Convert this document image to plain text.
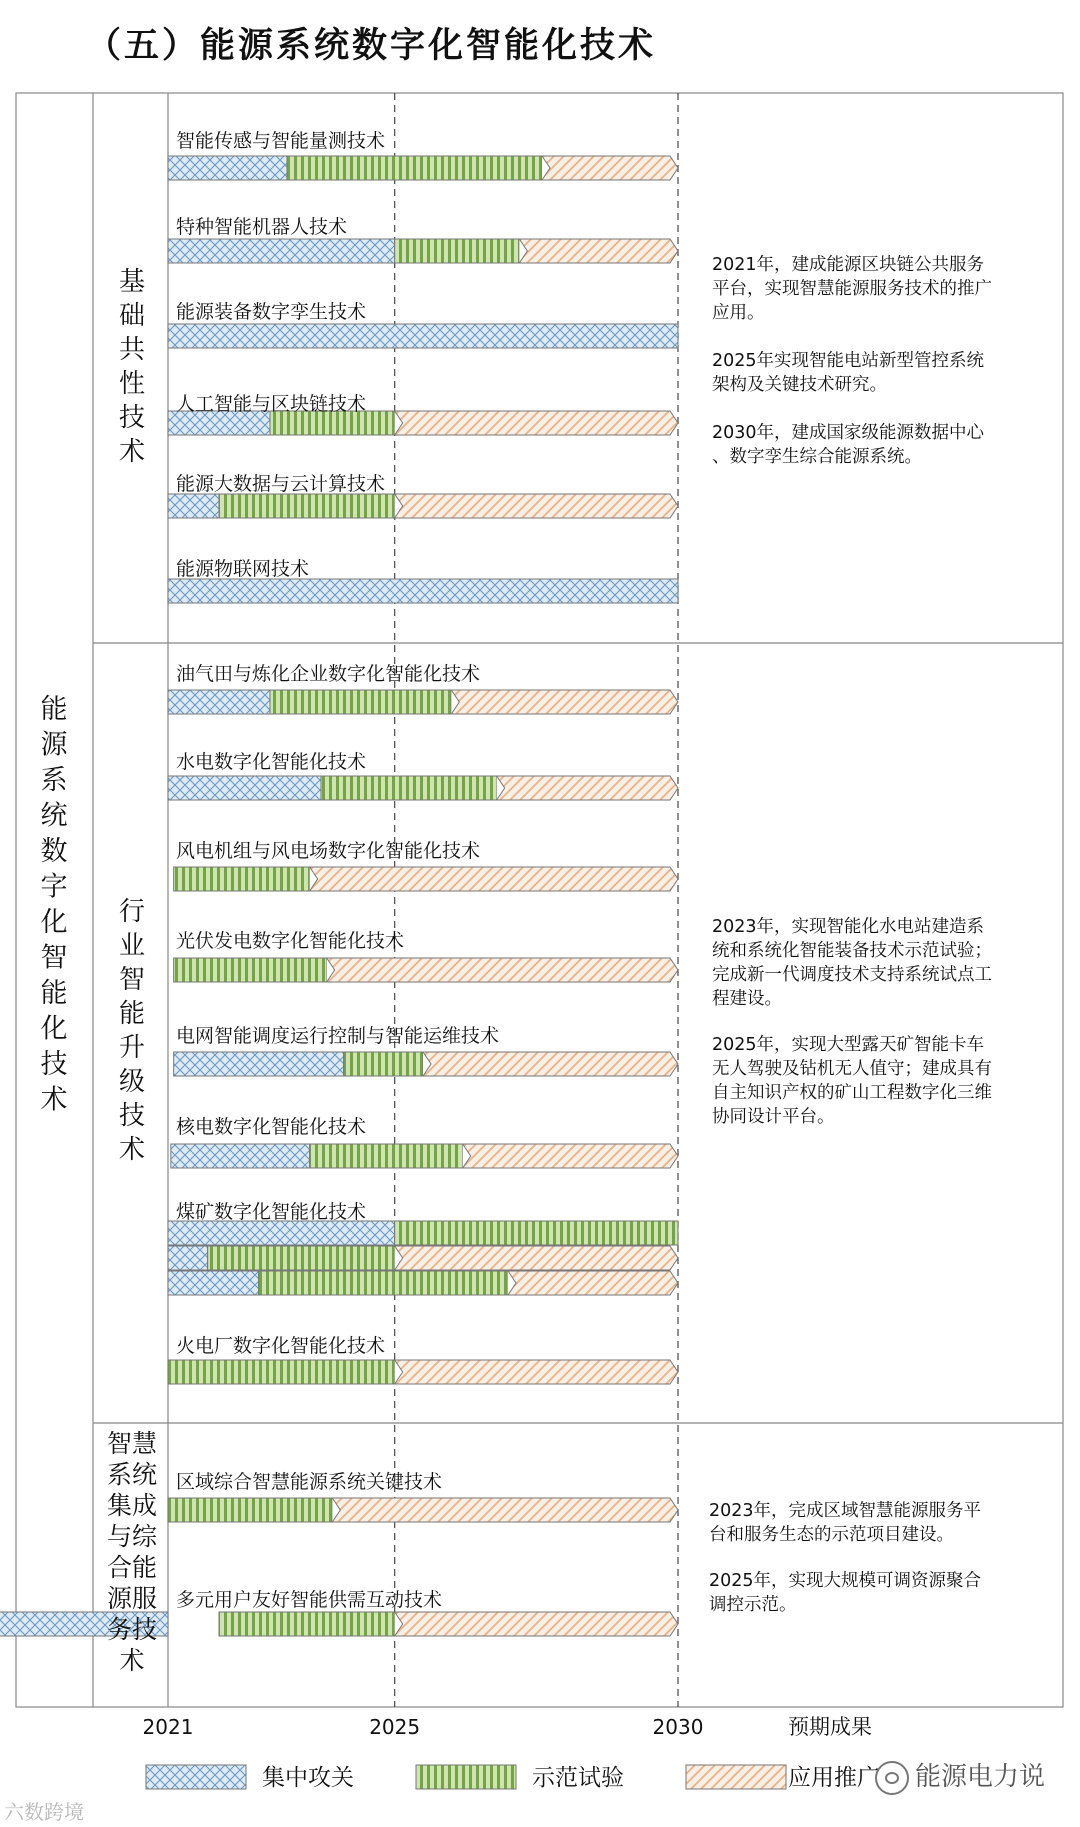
（五）能源系统数字化智能化技术
能源系统数字化智能化技术
基础共性技术
行业智能升级技术
智慧系统集成与综合能源服务技术
智能传感与智能量测技术
特种智能机器人技术
能源装备数字孪生技术
人工智能与区块链技术
能源大数据与云计算技术
能源物联网技术
油气田与炼化企业数字化智能化技术
水电数字化智能化技术
风电机组与风电场数字化智能化技术
光伏发电数字化智能化技术
电网智能调度运行控制与智能运维技术
核电数字化智能化技术
煤矿数字化智能化技术
火电厂数字化智能化技术
区域综合智慧能源系统关键技术
多元用户友好智能供需互动技术
2021年，建成能源区块链公共服务平台，实现智慧能源服务技术的推广应用。
2025年实现智能电站新型管控系统架构及关键技术研究。
2030年，建成国家级能源数据中心、数字孪生综合能源系统。
2023年，实现智能化水电站建造系统和系统化智能装备技术示范试验；完成新一代调度技术支持系统试点工程建设。
2025年，实现大型露天矿智能卡车无人驾驶及钻机无人值守；建成具有自主知识产权的矿山工程数字化三维协同设计平台。
2023年，完成区域智慧能源服务平台和服务生态的示范项目建设。
2025年，实现大规模可调资源聚合调控示范。
2021	2025	2030	预期成果
集中攻关	示范试验	应用推广
六数跨境
能源电力说
